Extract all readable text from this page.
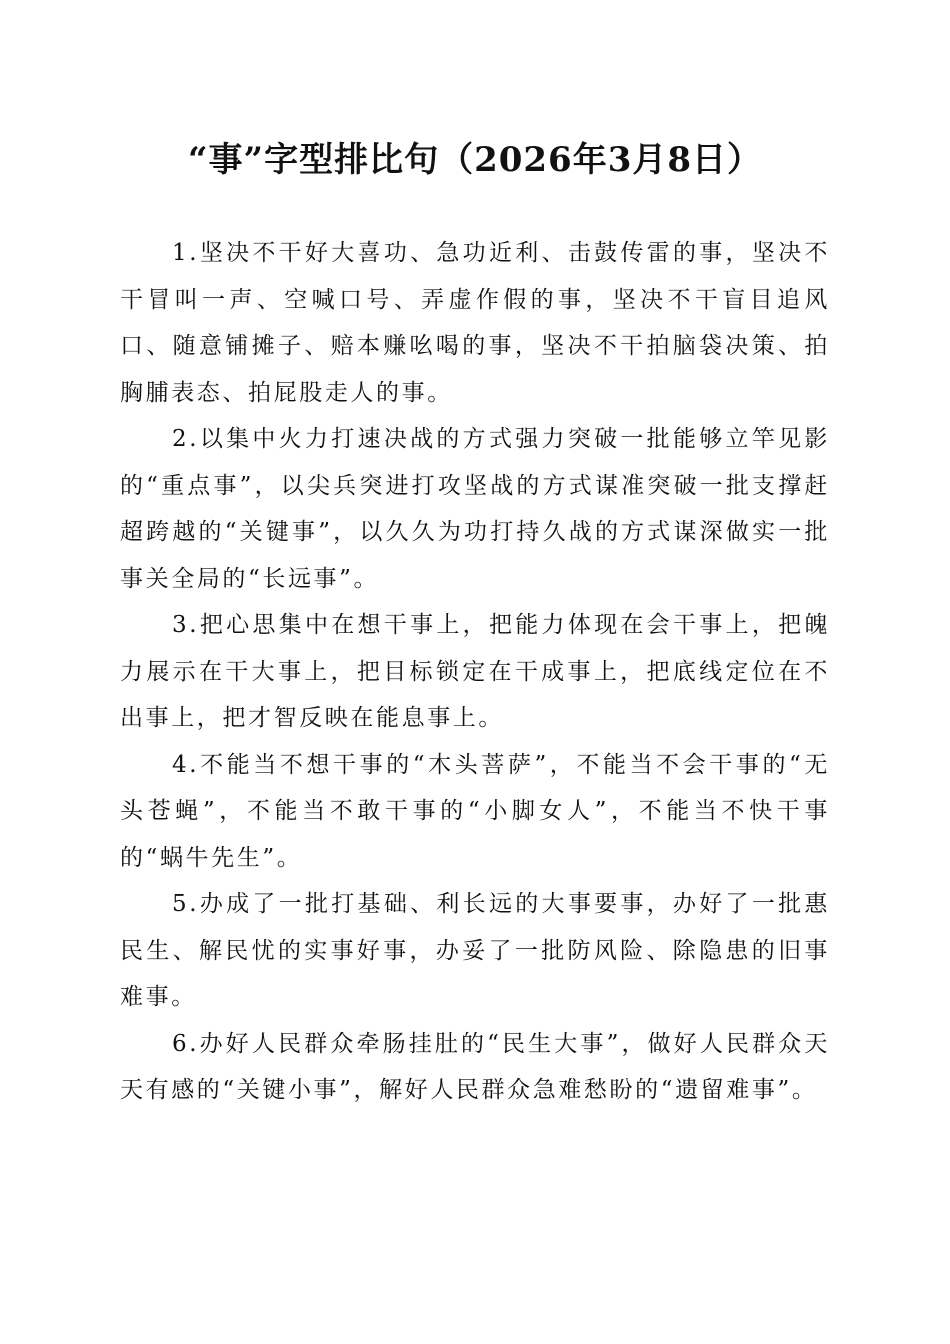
“事”字型排比句（2026年3月8日）

1.坚决不干好大喜功、急功近利、击鼓传雷的事，坚决不干冒叫一声、空喊口号、弄虚作假的事，坚决不干盲目追风口、随意铺摊子、赔本赚吆喝的事，坚决不干拍脑袋决策、拍胸脯表态、拍屁股走人的事。

2.以集中火力打速决战的方式强力突破一批能够立竿见影的“重点事”，以尖兵突进打攻坚战的方式谋准突破一批支撑赶超跨越的“关键事”，以久久为功打持久战的方式谋深做实一批事关全局的“长远事”。

3.把心思集中在想干事上，把能力体现在会干事上，把魄力展示在干大事上，把目标锁定在干成事上，把底线定位在不出事上，把才智反映在能息事上。

4.不能当不想干事的“木头菩萨”，不能当不会干事的“无头苍蝇”，不能当不敢干事的“小脚女人”，不能当不快干事的“蜗牛先生”。

5.办成了一批打基础、利长远的大事要事，办好了一批惠民生、解民忧的实事好事，办妥了一批防风险、除隐患的旧事难事。

6.办好人民群众牵肠挂肚的“民生大事”，做好人民群众天天有感的“关键小事”，解好人民群众急难愁盼的“遗留难事”。
